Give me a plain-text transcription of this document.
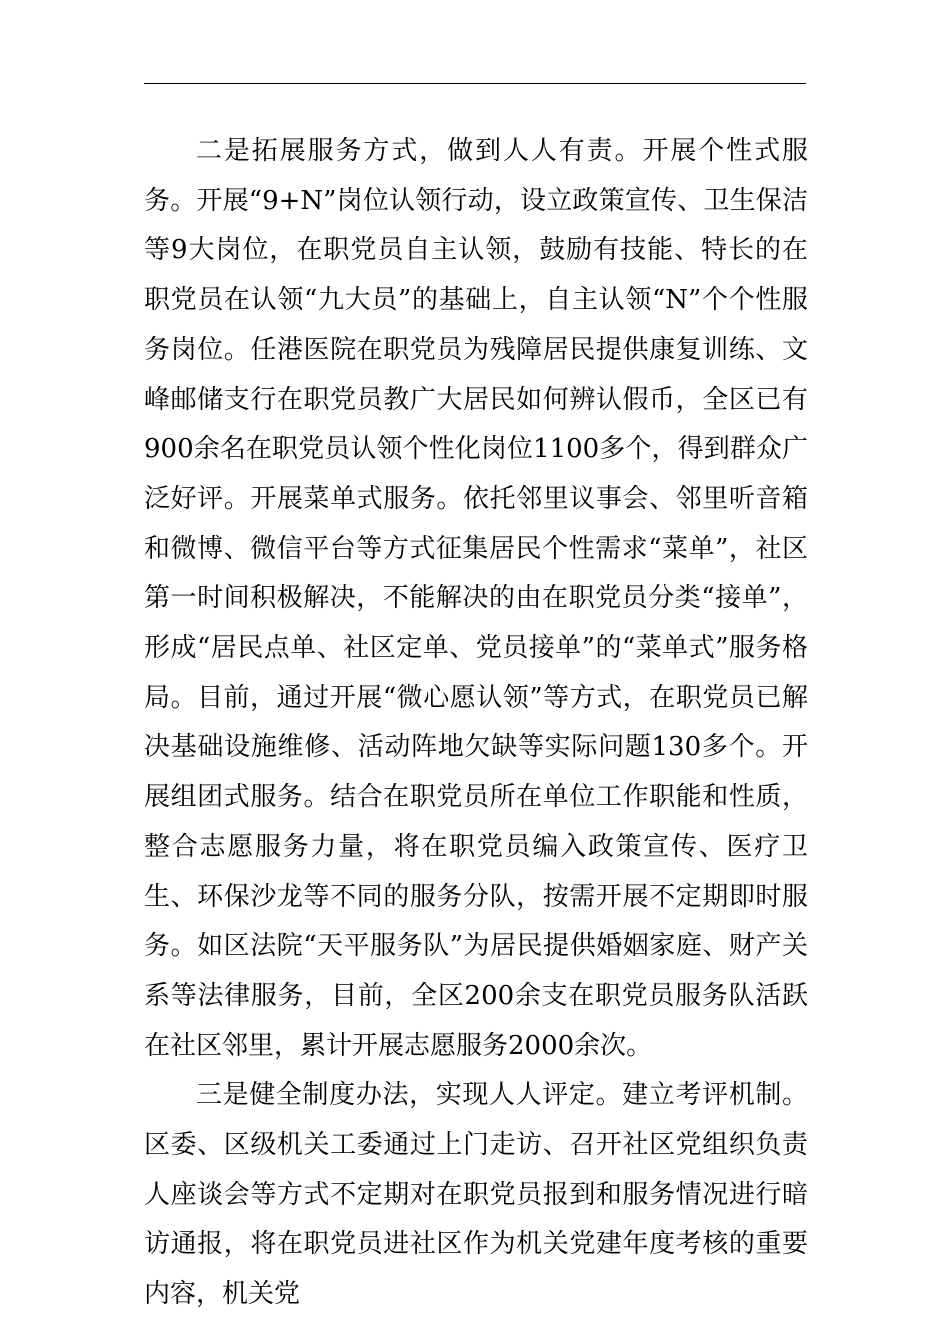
二是拓展服务方式，做到人人有责。开展个性式服务。开展“9+N”岗位认领行动，设立政策宣传、卫生保洁等9大岗位，在职党员自主认领，鼓励有技能、特长的在职党员在认领“九大员”的基础上，自主认领“N”个个性服务岗位。任港医院在职党员为残障居民提供康复训练、文峰邮储支行在职党员教广大居民如何辨认假币，全区已有900余名在职党员认领个性化岗位1100多个，得到群众广泛好评。开展菜单式服务。依托邻里议事会、邻里听音箱和微博、微信平台等方式征集居民个性需求“菜单”，社区第一时间积极解决，不能解决的由在职党员分类“接单”，形成“居民点单、社区定单、党员接单”的“菜单式”服务格局。目前，通过开展“微心愿认领”等方式，在职党员已解决基础设施维修、活动阵地欠缺等实际问题130多个。开展组团式服务。结合在职党员所在单位工作职能和性质，整合志愿服务力量，将在职党员编入政策宣传、医疗卫生、环保沙龙等不同的服务分队，按需开展不定期即时服务。如区法院“天平服务队”为居民提供婚姻家庭、财产关系等法律服务，目前，全区200余支在职党员服务队活跃在社区邻里，累计开展志愿服务2000余次。

三是健全制度办法，实现人人评定。建立考评机制。区委、区级机关工委通过上门走访、召开社区党组织负责人座谈会等方式不定期对在职党员报到和服务情况进行暗访通报，将在职党员进社区作为机关党建年度考核的重要内容，机关党
